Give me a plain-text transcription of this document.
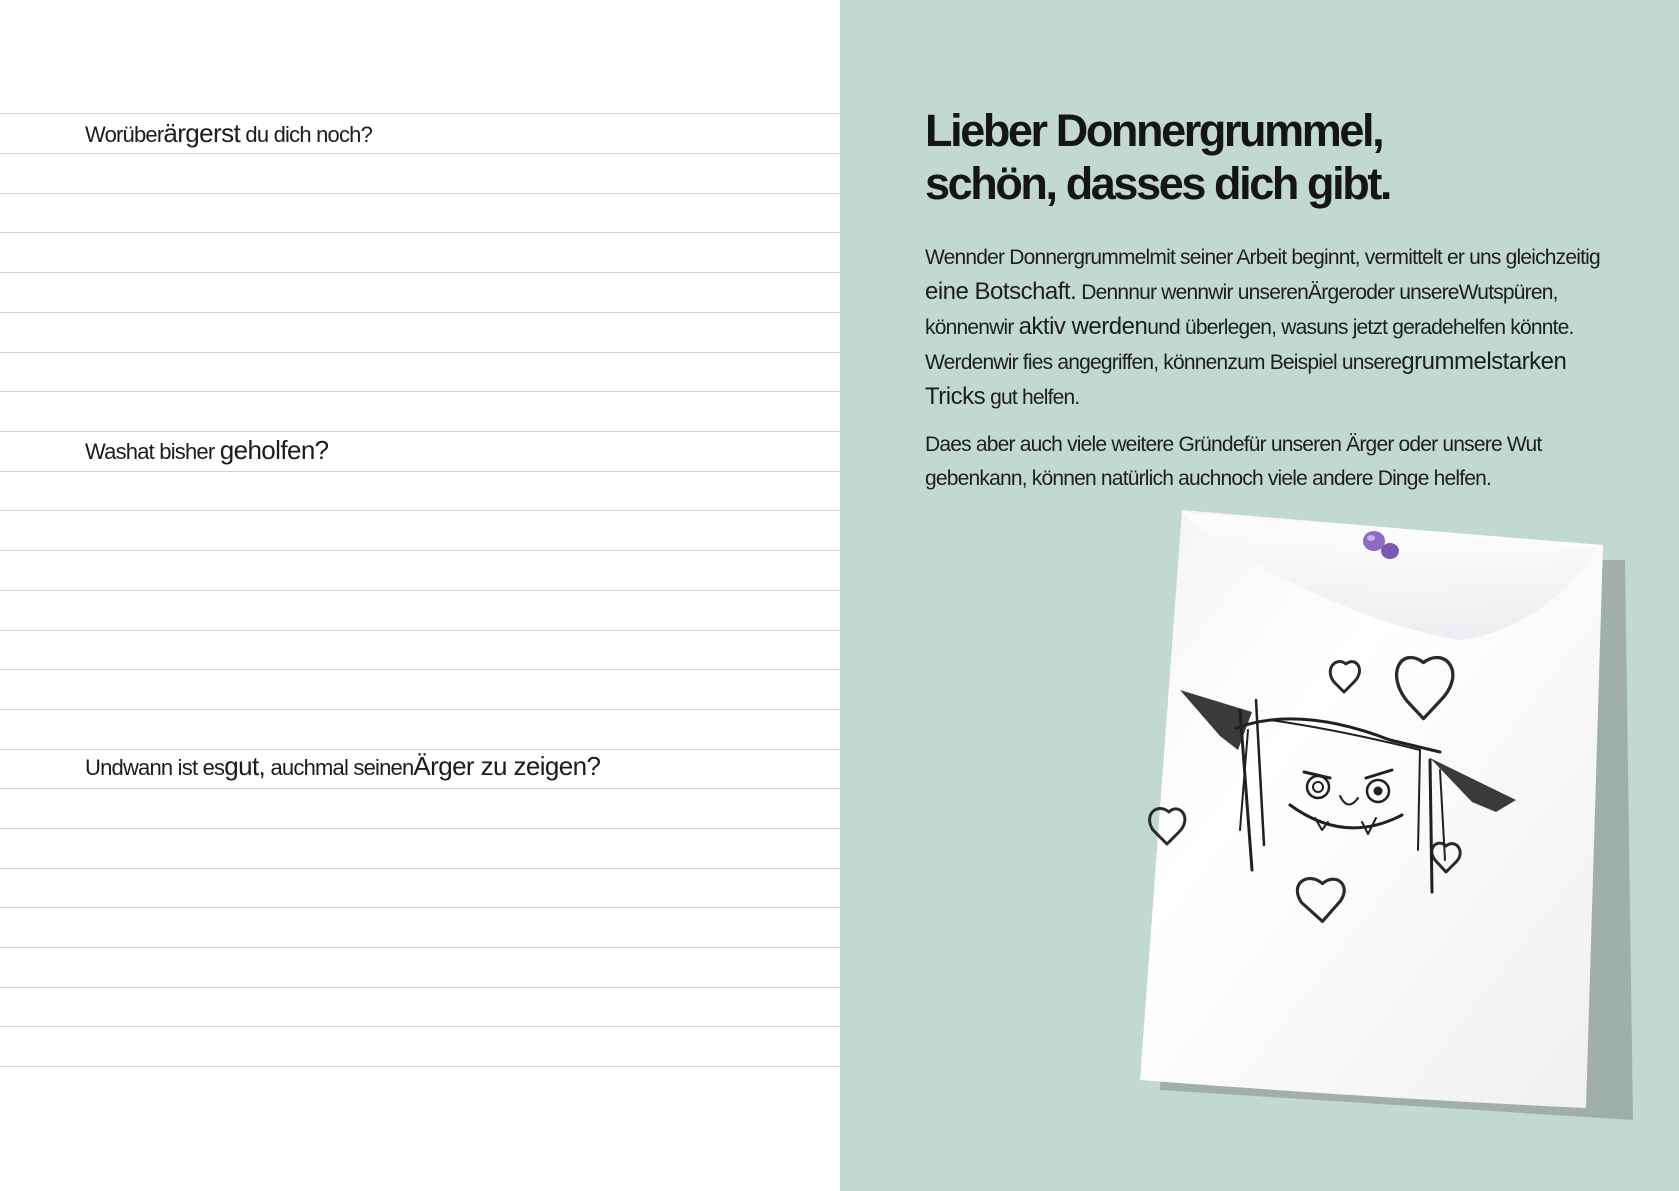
Worüberärgerst du dich noch?
Washat bisher geholfen?
Undwann ist esgut, auchmal seinenÄrger zu zeigen?
Lieber Donnergrummel,
schön, dasses dich gibt.

Wennder Donnergrummelmit seiner Arbeit beginnt, vermittelt er uns gleichzeitig eine Botschaft. Dennnur wennwir unserenÄrgeroder unsereWutspüren, könnenwir aktiv werdenund überlegen, wasuns jetzt geradehelfen könnte. Werdenwir fies angegriffen, könnenzum Beispiel unseregrummelstarken Tricks gut helfen.

Daes aber auch viele weitere Gründefür unseren Ärger oder unsere Wut gebenkann, können natürlich auchnoch viele andere Dinge helfen.
